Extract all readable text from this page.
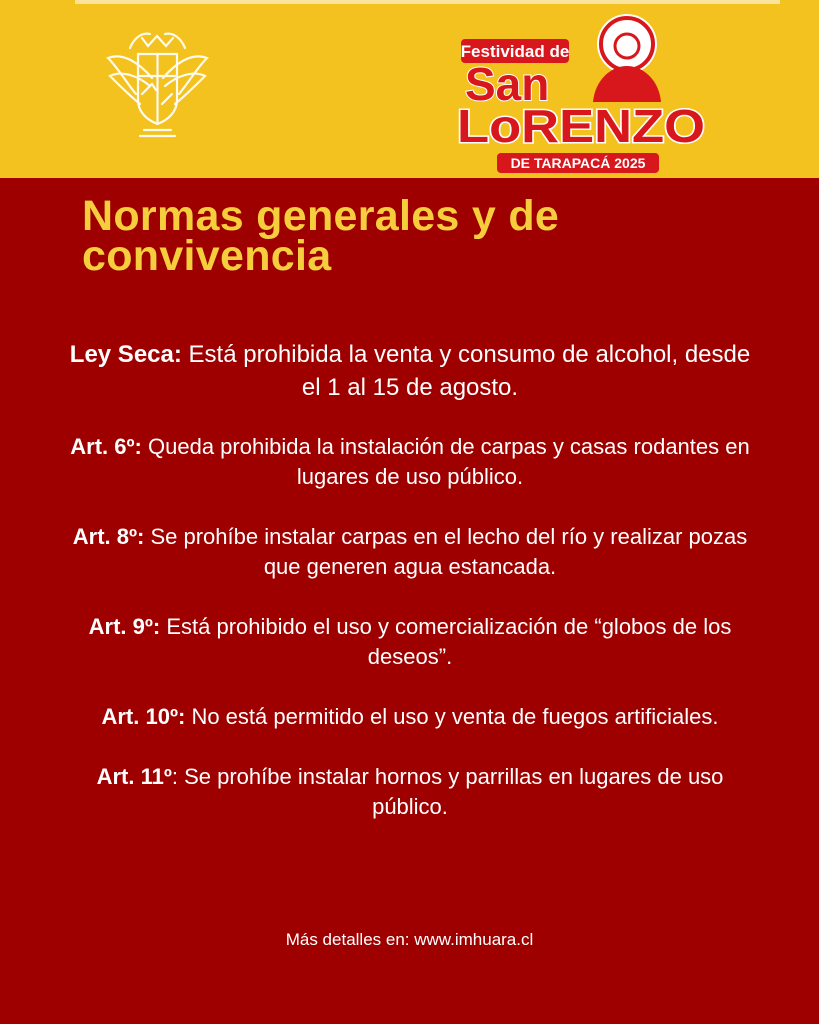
Festividad de
San
LoRENZO
DE TARAPACÁ 2025
Normas generales y de
convivencia
Ley Seca: Está prohibida la venta y consumo de alcohol, desde el 1 al 15 de agosto.
Art. 6º: Queda prohibida la instalación de carpas y casas rodantes en lugares de uso público.
Art. 8º: Se prohíbe instalar carpas en el lecho del río y realizar pozas que generen agua estancada.
Art. 9º: Está prohibido el uso y comercialización de “globos de los deseos”.
Art. 10º: No está permitido el uso y venta de fuegos artificiales.
Art. 11º: Se prohíbe instalar hornos y parrillas en lugares de uso público.
Más detalles en: www.imhuara.cl
